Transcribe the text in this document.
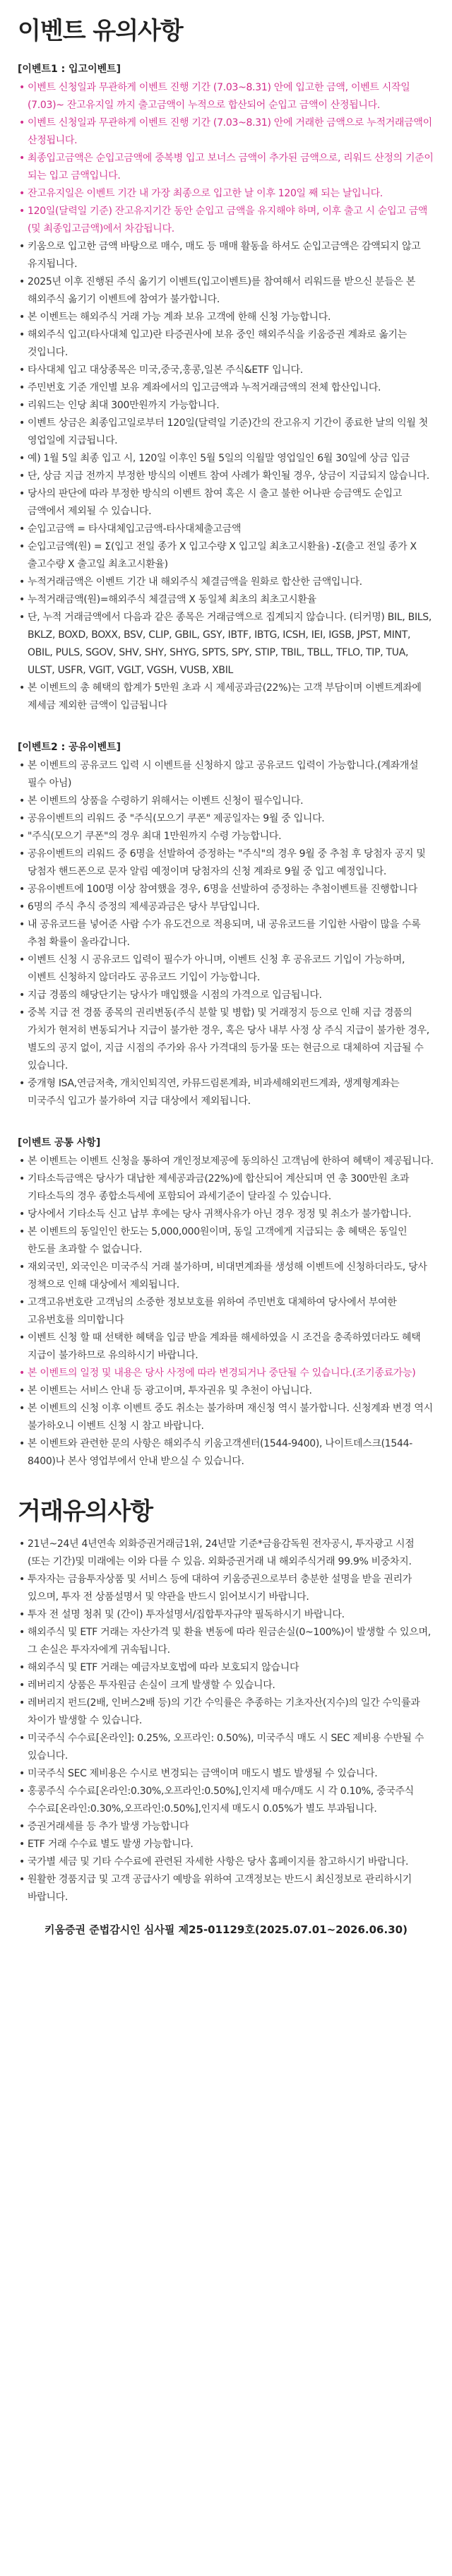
이벤트 유의사항
[이벤트1 : 입고이벤트]
• 이벤트 신청일과 무관하게 이벤트 진행 기간 (7.03~8.31) 안에 입고한 금액, 이벤트 시작일(7.03)~ 잔고유지일 까지 출고금액이 누적으로 합산되어 순입고 금액이 산정됩니다.
• 이벤트 신청일과 무관하게 이벤트 진행 기간 (7.03~8.31) 안에 거래한 금액으로 누적거래금액이 산정됩니다.
• 최종입고금액은 순입고금액에 중복병 입고 보너스 금액이 추가된 금액으로, 리워드 산정의 기준이 되는 입고 금액입니다.
• 잔고유지일은 이벤트 기간 내 가장 최종으로 입고한 날 이후 120일 째 되는 날입니다.
• 120일(달력일 기준) 잔고유지기간 동안 순입고 금액을 유지해야 하며, 이후 출고 시 순입고 금액(및 최종입고금액)에서 차감됩니다.
• 키움으로 입고한 금액 바탕으로 매수, 매도 등 매매 활동을 하셔도 순입고금액은 감액되지 않고 유지됩니다.
• 2025년 이후 진행된 주식 옮기기 이벤트(입고이벤트)를 참여해서 리워드를 받으신 분들은 본 해외주식 옮기기 이벤트에 참여가 불가합니다.
• 본 이벤트는 해외주식 거래 가능 계좌 보유 고객에 한해 신청 가능합니다.
• 해외주식 입고(타사대체 입고)란 타증권사에 보유 중인 해외주식을 키움증권 계좌로 옮기는 것입니다.
• 타사대체 입고 대상종목은 미국,중국,홍콩,일본 주식&ETF 입니다.
• 주민번호 기준 개인별 보유 계좌에서의 입고금액과 누적거래금액의 전체 합산입니다.
• 리워드는 인당 최대 300만원까지 가능합니다.
• 이벤트 상금은 최종입고일로부터 120일(달력일 기준)간의 잔고유지 기간이 종료한 날의 익월 첫 영업일에 지급됩니다.
• 예) 1월 5일 최종 입고 시, 120일 이후인 5월 5일의 익월말 영업일인 6월 30일에 상금 입금
• 단, 상금 지급 전까지 부정한 방식의 이벤트 참여 사례가 확인될 경우, 상금이 지급되지 않습니다.
• 당사의 판단에 따라 부정한 방식의 이벤트 참여 혹은 시 출고 불한 어나판 승금액도 순입고 금액에서 제외될 수 있습니다.
• 순입고금액 = 타사대체입고금액-타사대체출고금액
• 순입고금액(원) = Σ(입고 전일 종가 X 입고수량 X 입고일 최초고시환율) -Σ(출고 전일 종가 X 출고수량 X 출고일 최초고시환율)
• 누적거래금액은 이벤트 기간 내 해외주식 체결금액을 원화로 합산한 금액입니다.
• 누적거래금액(원)=해외주식 체결금액 X 동일체 최초의 최초고시환율
• 단, 누적 거래금액에서 다음과 같은 종목은 거래금액으로 집계되지 않습니다. (티커명) BIL, BILS, BKLZ, BOXD, BOXX, BSV, CLIP, GBIL, GSY, IBTF, IBTG, ICSH, IEI, IGSB, JPST, MINT, OBIL, PULS, SGOV, SHV, SHY, SHYG, SPTS, SPY, STIP, TBIL, TBLL, TFLO, TIP, TUA, ULST, USFR, VGIT, VGLT, VGSH, VUSB, XBIL
• 본 이벤트의 총 혜택의 합계가 5만원 초과 시 제세공과금(22%)는 고객 부담이며 이벤트계좌에 제세금 제외한 금액이 입금됩니다
[이벤트2 : 공유이벤트]
• 본 이벤트의 공유코드 입력 시 이벤트를 신청하지 않고 공유코드 입력이 가능합니다.(계좌개설 필수 아님)
• 본 이벤트의 상품을 수령하기 위해서는 이벤트 신청이 필수입니다.
• 공유이벤트의 리워드 중 "주식(모으기 쿠폰" 제공일자는 9월 중 입니다.
• "주식(모으기 쿠폰"의 경우 최대 1만원까지 수령 가능합니다.
• 공유이벤트의 리워드 중 6명을 선발하여 증정하는 "주식"의 경우 9월 중 추첨 후 당첨자 공지 및 당첨자 핸드폰으로 문자 알림 예정이며 당첨자의 신청 계좌로 9월 중 입고 예정입니다.
• 공유이벤트에 100명 이상 참여했을 경우, 6명을 선발하여 증정하는 추첨이벤트를 진행합니다
• 6명의 주식 추식 증정의 제세공과금은 당사 부담입니다.
• 내 공유코드를 넣어준 사람 수가 유도건으로 적용되며, 내 공유코드를 기입한 사람이 많을 수록 추첨 확률이 올라갑니다.
• 이벤트 신청 시 공유코드 입력이 필수가 아니며, 이벤트 신청 후 공유코드 기입이 가능하며, 이벤트 신청하지 않더라도 공유코드 기입이 가능합니다.
• 지급 경품의 해당단기는 당사가 매입했을 시점의 가격으로 입금됩니다.
• 중복 지급 전 경품 종목의 권리변동(주식 분할 및 병합) 및 거래정지 등으로 인해 지급 경품의 가치가 현저히 변동되거나 지급이 불가한 경우, 혹은 당사 내부 사정 상 주식 지급이 불가한 경우, 별도의 공지 없이, 지급 시점의 주가와 유사 가격대의 등가물 또는 현금으로 대체하여 지급될 수 있습니다.
• 중개형 ISA,연금저축, 개치인퇴직연, 카뮤드림론계좌, 비과세해외펀드계좌, 생계형계좌는 미국주식 입고가 불가하여 지급 대상에서 제외됩니다.
[이벤트 공통 사항]
• 본 이벤트는 이벤트 신청을 통하여 개인정보제공에 동의하신 고객님에 한하여 혜택이 제공됩니다.
• 기타소득금액은 당사가 대납한 제세공과금(22%)에 합산되어 계산되며 연 총 300만원 초과 기타소득의 경우 종합소득세에 포함되어 과세기준이 달라질 수 있습니다.
• 당사에서 기타소득 신고 납부 후에는 당사 귀책사유가 아닌 경우 정정 및 취소가 불가합니다.
• 본 이벤트의 동일인인 한도는 5,000,000원이며, 동일 고객에게 지급되는 총 혜택은 동일인 한도를 초과할 수 없습니다.
• 재외국민, 외국인은 미국주식 거래 불가하며, 비대면계좌를 생성해 이벤트에 신청하더라도, 당사 정책으로 인해 대상에서 제외됩니다.
• 고객고유번호란 고객님의 소중한 정보보호를 위하여 주민번호 대체하여 당사에서 부여한 고유번호를 의미합니다
• 이벤트 신청 할 때 선택한 혜택을 입금 받을 계좌를 해세하였을 시 조건을 충족하였더라도 혜택 지급이 불가하므로 유의하시기 바랍니다.
• 본 이벤트의 일정 및 내용은 당사 사정에 따라 변경되거나 중단될 수 있습니다.(조기종료가능)
• 본 이벤트는 서비스 안내 등 광고이며, 투자권유 및 추천이 아닙니다.
• 본 이벤트의 신청 이후 이벤트 중도 취소는 불가하며 재신청 역시 불가합니다. 신청계좌 변경 역시 불가하오니 이벤트 신청 시 참고 바랍니다.
• 본 이벤트와 관련한 문의 사항은 해외주식 키움고객센터(1544-9400), 나이트데스크(1544-8400)나 본사 영업부에서 안내 받으실 수 있습니다.
거래유의사항
• 21년~24년 4년연속 외화증권거래금1위, 24년말 기준*금융감독원 전자공시, 투자광고 시점(또는 기간)및 미래에는 이와 다를 수 있음. 외화증권거래 내 해외주식거래 99.9% 비중차지.
• 투자자는 금융투자상품 및 서비스 등에 대하여 키움증권으로부터 충분한 설명을 받을 권리가 있으며, 투자 전 상품설명서 및 약관을 반드시 읽어보시기 바랍니다.
• 투자 전 설명 청취 및 (간이) 투자설명서/집합투자규약 필독하시기 바랍니다.
• 해외주식 및 ETF 거래는 자산가격 및 환율 변동에 따라 원금손실(0~100%)이 발생할 수 있으며, 그 손실은 투자자에게 귀속됩니다.
• 해외주식 및 ETF 거래는 예금자보호법에 따라 보호되지 않습니다
• 레버리지 상품은 투자원금 손실이 크게 발생할 수 있습니다.
• 레버리지 펀드(2배, 인버스2배 등)의 기간 수익률은 추종하는 기초자산(지수)의 일간 수익률과 차이가 발생할 수 있습니다.
• 미국주식 수수료[온라인]: 0.25%, 오프라인: 0.50%), 미국주식 매도 시 SEC 제비용 수반될 수 있습니다.
• 미국주식 SEC 제비용은 수시로 변경되는 금액이며 매도시 별도 발생될 수 있습니다.
• 홍콩주식 수수료[온라인:0.30%,오프라인:0.50%],인지세 매수/매도 시 각 0.10%, 중국주식 수수료[온라인:0.30%,오프라인:0.50%],인지세 매도시 0.05%가 별도 부과됩니다.
• 증권거래세를 등 추가 발생 가능합니다
• ETF 거래 수수료 별도 발생 가능합니다.
• 국가별 세금 및 기타 수수료에 관련된 자세한 사항은 당사 홈페이지를 참고하시기 바랍니다.
• 원활한 경품지급 및 고객 공급사기 예방을 위하여 고객정보는 반드시 최신정보로 관리하시기 바랍니다.
키움증권 준법감시인 심사필 제25-01129호(2025.07.01~2026.06.30)
